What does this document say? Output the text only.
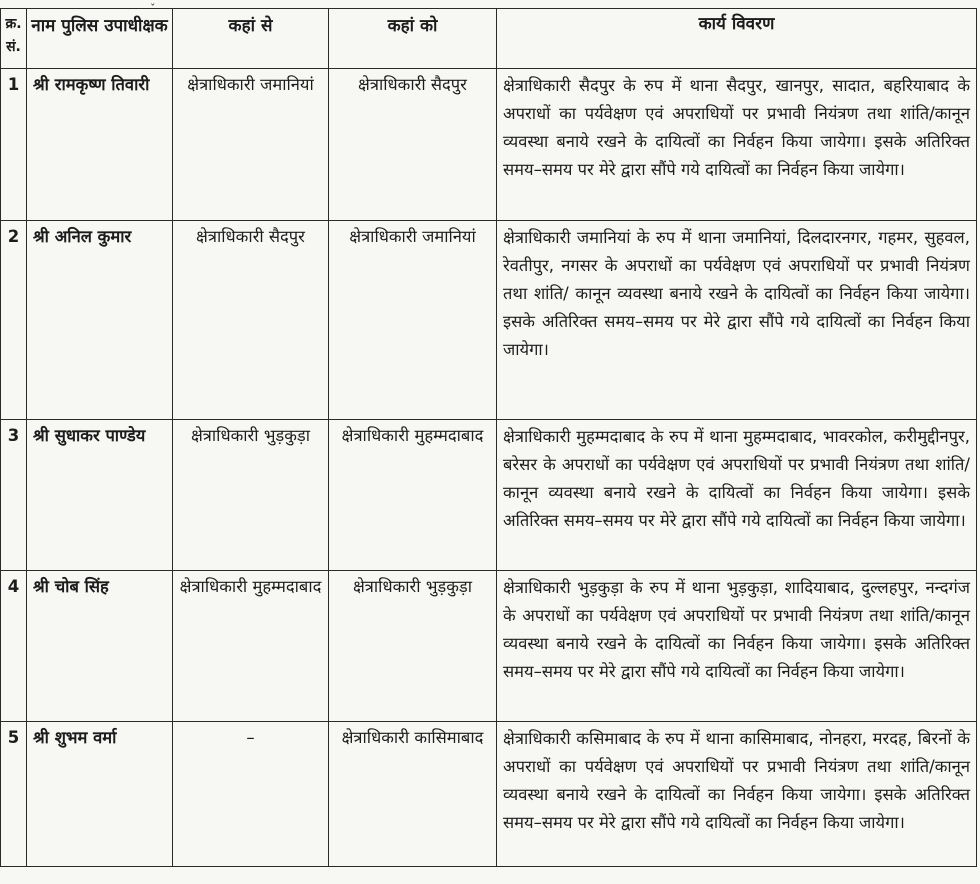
ˇ
क्र. सं.	नाम पुलिस उपाधीक्षक	कहां से	कहां को	कार्य विवरण
1	श्री रामकृष्ण तिवारी	क्षेत्राधिकारी जमानियां	क्षेत्राधिकारी सैदपुर	क्षेत्राधिकारी सैदपुर के रुप में थाना सैदपुर, खानपुर, सादात, बहरियाबाद के अपराधों का पर्यवेक्षण एवं अपराधियों पर प्रभावी नियंत्रण तथा शांति/कानून व्यवस्था बनाये रखने के दायित्वों का निर्वहन किया जायेगा। इसके अतिरिक्त समय–समय पर मेरे द्वारा सौंपे गये दायित्वों का निर्वहन किया जायेगा।
2	श्री अनिल कुमार	क्षेत्राधिकारी सैदपुर	क्षेत्राधिकारी जमानियां	क्षेत्राधिकारी जमानियां के रुप में थाना जमानियां, दिलदारनगर, गहमर, सुहवल, रेवतीपुर, नगसर के अपराधों का पर्यवेक्षण एवं अपराधियों पर प्रभावी नियंत्रण तथा शांति/ कानून व्यवस्था बनाये रखने के दायित्वों का निर्वहन किया जायेगा। इसके अतिरिक्त समय–समय पर मेरे द्वारा सौंपे गये दायित्वों का निर्वहन किया जायेगा।
3	श्री सुधाकर पाण्डेय	क्षेत्राधिकारी भुड़कुड़ा	क्षेत्राधिकारी मुहम्मदाबाद	क्षेत्राधिकारी मुहम्मदाबाद के रुप में थाना मुहम्मदाबाद, भावरकोल, करीमुद्दीनपुर, बरेसर के अपराधों का पर्यवेक्षण एवं अपराधियों पर प्रभावी नियंत्रण तथा शांति/कानून व्यवस्था बनाये रखने के दायित्वों का निर्वहन किया जायेगा। इसके अतिरिक्त समय–समय पर मेरे द्वारा सौंपे गये दायित्वों का निर्वहन किया जायेगा।
4	श्री चोब सिंह	क्षेत्राधिकारी मुहम्मदाबाद	क्षेत्राधिकारी भुड़कुड़ा	क्षेत्राधिकारी भुड़कुड़ा के रुप में थाना भुड़कुड़ा, शादियाबाद, दुल्लहपुर, नन्दगंज के अपराधों का पर्यवेक्षण एवं अपराधियों पर प्रभावी नियंत्रण तथा शांति/कानून व्यवस्था बनाये रखने के दायित्वों का निर्वहन किया जायेगा। इसके अतिरिक्त समय–समय पर मेरे द्वारा सौंपे गये दायित्वों का निर्वहन किया जायेगा।
5	श्री शुभम वर्मा	–	क्षेत्राधिकारी कासिमाबाद	क्षेत्राधिकारी कसिमाबाद के रुप में थाना कासिमाबाद, नोनहरा, मरदह, बिरनों के अपराधों का पर्यवेक्षण एवं अपराधियों पर प्रभावी नियंत्रण तथा शांति/कानून व्यवस्था बनाये रखने के दायित्वों का निर्वहन किया जायेगा। इसके अतिरिक्त समय–समय पर मेरे द्वारा सौंपे गये दायित्वों का निर्वहन किया जायेगा।
